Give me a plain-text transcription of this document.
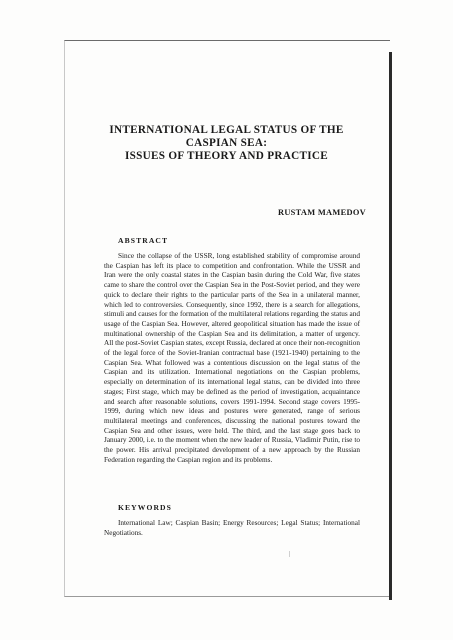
INTERNATIONAL LEGAL STATUS OF THE
CASPIAN SEA:
ISSUES OF THEORY AND PRACTICE

RUSTAM MAMEDOV

ABSTRACT

Since the collapse of the USSR, long established stability of compromise around the Caspian has left its place to competition and confrontation. While the USSR and Iran were the only coastal states in the Caspian basin during the Cold War, five states came to share the control over the Caspian Sea in the Post-Soviet period, and they were quick to declare their rights to the particular parts of the Sea in a unilateral manner, which led to controversies. Consequently, since 1992, there is a search for allegations, stimuli and causes for the formation of the multilateral relations regarding the status and usage of the Caspian Sea. However, altered geopolitical situation has made the issue of multinational ownership of the Caspian Sea and its delimitation, a matter of urgency. All the post-Soviet Caspian states, except Russia, declared at once their non-recognition of the legal force of the Soviet-Iranian contractual base (1921-1940) pertaining to the Caspian Sea. What followed was a contentious discussion on the legal status of the Caspian and its utilization. International negotiations on the Caspian problems, especially on determination of its international legal status, can be divided into three stages; First stage, which may be defined as the period of investigation, acquaintance and search after reasonable solutions, covers 1991-1994. Second stage covers 1995-1999, during which new ideas and postures were generated, range of serious multilateral meetings and conferences, discussing the national postures toward the Caspian Sea and other issues, were held. The third, and the last stage goes back to January 2000, i.e. to the moment when the new leader of Russia, Vladimir Putin, rise to the power. His arrival precipitated development of a new approach by the Russian Federation regarding the Caspian region and its problems.

KEYWORDS

International Law; Caspian Basin; Energy Resources; Legal Status; International Negotiations.
